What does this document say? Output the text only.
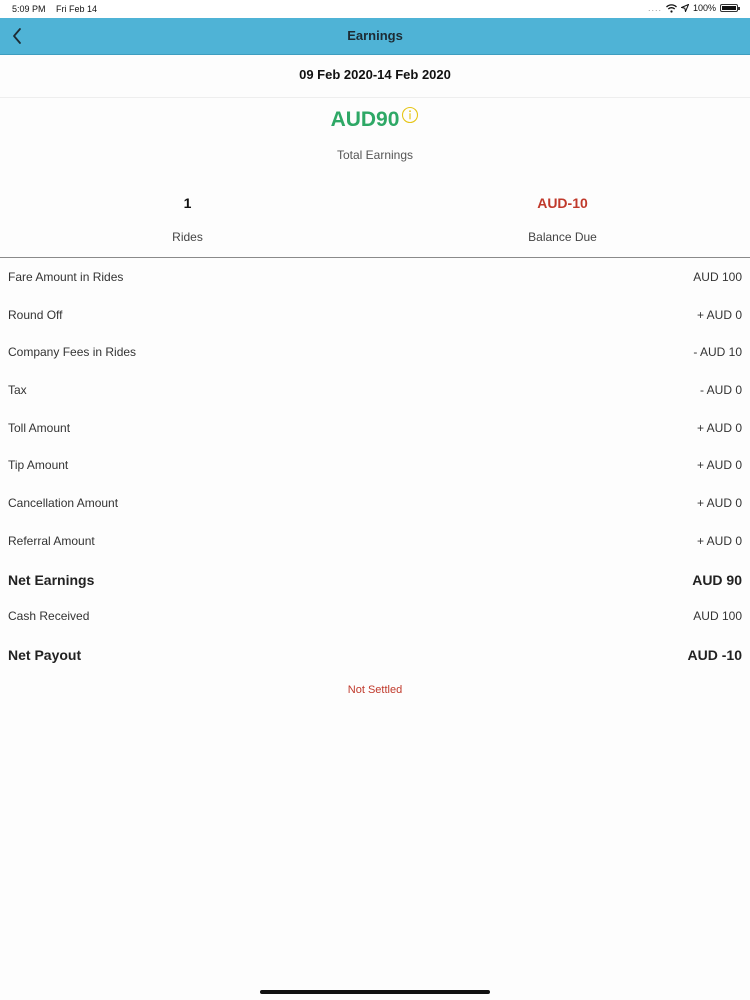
5:09 PM Fri Feb 14	....	100%
Earnings
09 Feb 2020-14 Feb 2020
AUD90
Total Earnings
1
Rides
AUD-10
Balance Due
Fare Amount in Rides	AUD 100
Round Off	+ AUD 0
Company Fees in Rides	- AUD 10
Tax	- AUD 0
Toll Amount	+ AUD 0
Tip Amount	+ AUD 0
Cancellation Amount	+ AUD 0
Referral Amount	+ AUD 0
Net Earnings	AUD 90
Cash Received	AUD 100
Net Payout	AUD -10
Not Settled
